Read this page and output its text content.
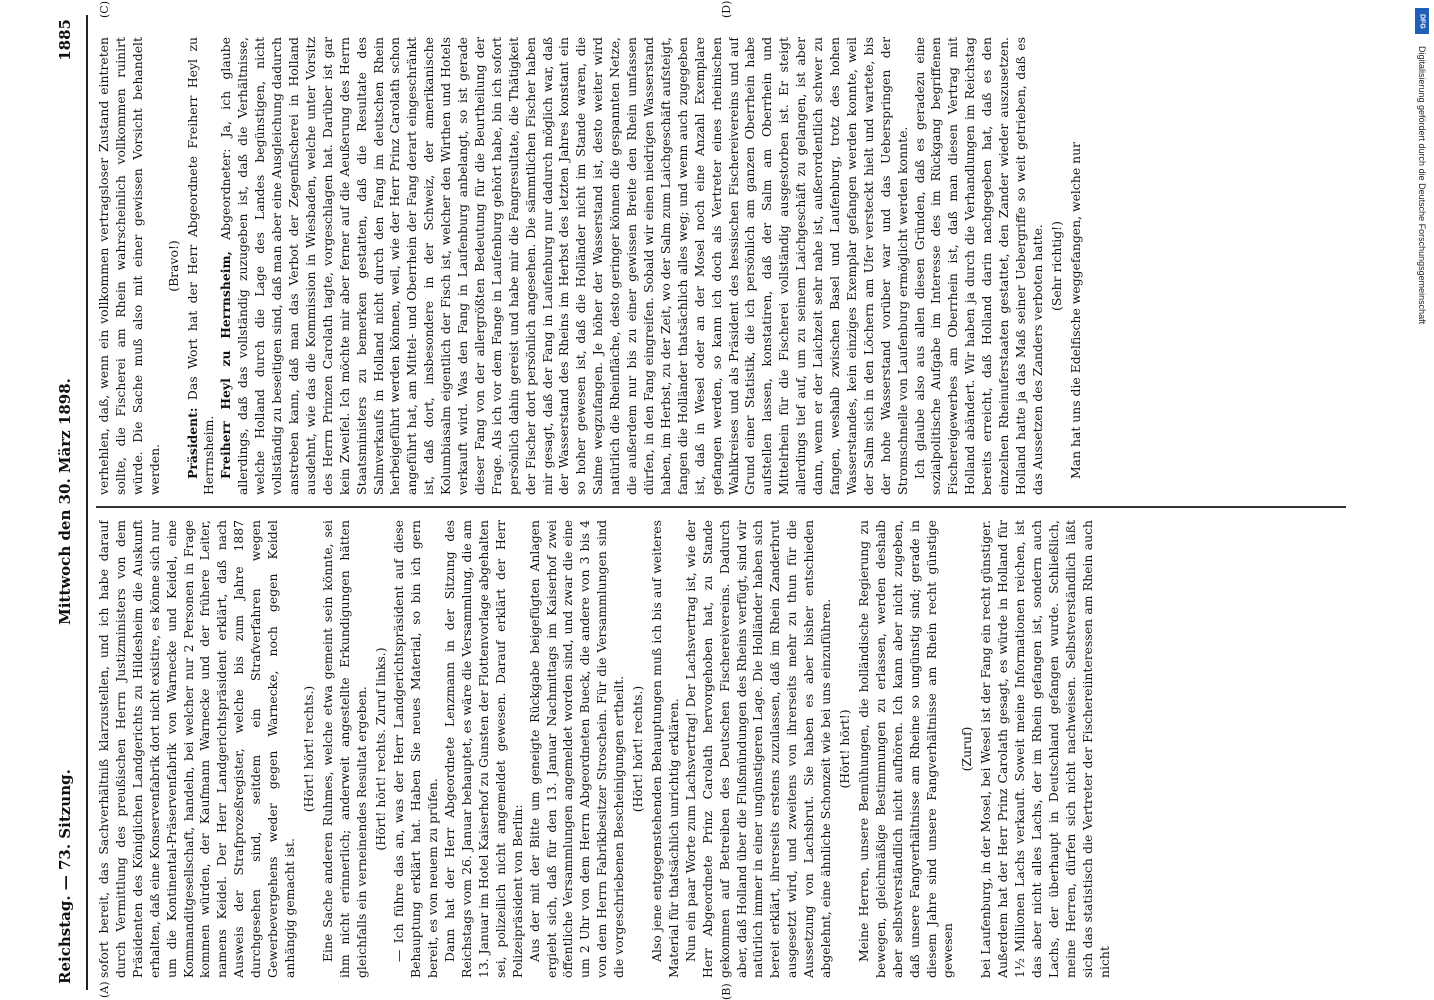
Reichstag. — 73. Sitzung.
Mittwoch den 30. März 1898.
1885
(A)	(B)
(C)	(D)

sofort bereit, das Sachverhältniß klarzustellen, und ich habe darauf durch Vermittlung des preußischen Herrn Justizministers von dem Präsidenten des Königlichen Landgerichts zu Hildesheim die Auskunft erhalten, daß eine Konservenfabrik dort nicht existire, es könne sich nur um die Kontinental-Präservenfabrik von Warnecke und Keidel, eine Kommanditgesellschaft, handeln, bei welcher nur 2 Personen in Frage kommen würden, der Kaufmann Warnecke und der frühere Leiter, namens Keidel. Der Herr Landgerichtspräsident erklärt, daß nach Ausweis der Strafprozeßregister, welche bis zum Jahre 1887 durchgesehen sind, seitdem ein Strafverfahren wegen Gewerbevergehens weder gegen Warnecke, noch gegen Keidel anhängig gemacht ist.

(Hört! hört! rechts.) Eine Sache anderen Ruhmes, welche etwa gemeint sein könnte, sei ihm nicht erinnerlich; anderweit angestellte Erkundigungen hätten gleichfalls ein verneinendes Resultat ergeben. (Hört! hört! rechts. Zuruf links.) — Ich führe das an, was der Herr Landgerichtspräsident auf diese Behauptung erklärt hat. Haben Sie neues Material, so bin ich gern bereit, es von neuem zu prüfen. Dann hat der Herr Abgeordnete Lenzmann in der Sitzung des Reichstags vom 26. Januar behauptet, es wäre die Versammlung, die am 13. Januar im Hotel Kaiserhof zu Gunsten der Flottenvorlage abgehalten sei, polizeilich nicht angemeldet gewesen. Darauf erklärt der Herr Polizeipräsident von Berlin: Aus der mit der Bitte um geneigte Rückgabe beigefügten Anlagen ergiebt sich, daß für den 13. Januar Nachmittags im Kaiserhof zwei öffentliche Versammlungen angemeldet worden sind, und zwar die eine um 2 Uhr von dem Herrn Abgeordneten Bueck, die andere von 3 bis 4 von dem Herrn Fabrikbesitzer Stroschein. Für die Versammlungen sind die vorgeschriebenen Bescheinigungen ertheilt. (Hört! hört! rechts.) Also jene entgegenstehenden Behauptungen muß ich bis auf weiteres Material für thatsächlich unrichtig erklären. Nun ein paar Worte zum Lachsvertrag! Der Lachsvertrag ist, wie der Herr Abgeordnete Prinz Carolath hervorgehoben hat, zu Stande gekommen auf Betreiben des Deutschen Fischereivereins. Dadurch aber, daß Holland über die Flußmündungen des Rheins verfügt, sind wir natürlich immer in einer ungünstigeren Lage. Die Holländer haben sich bereit erklärt, ihrerseits erstens zuzulassen, daß im Rhein Zanderbrut ausgesetzt wird, und zweitens von ihrerseits mehr zu thun für die Aussetzung von Lachsbrut. Sie haben es aber bisher entschieden abgelehnt, eine ähnliche Schonzeit wie bei uns einzuführen. (Hört! hört!) Meine Herren, unsere Bemühungen, die holländische Regierung zu bewegen, gleichmäßige Bestimmungen zu erlassen, werden deshalb aber selbstverständlich nicht aufhören. Ich kann aber nicht zugeben, daß unsere Fangverhältnisse am Rheine so ungünstig sind; gerade in diesem Jahre sind unsere Fangverhältnisse am Rhein recht günstige gewesen

(Zuruf) bei Laufenburg, in der Mosel, bei Wesel ist der Fang ein recht günstiger. Außerdem hat der Herr Prinz Carolath gesagt, es würde in Holland für 1½ Millionen Lachs verkauft. Soweit meine Informationen reichen, ist das aber nicht alles Lachs, der im Rhein gefangen ist, sondern auch Lachs, der überhaupt in Deutschland gefangen wurde. Schließlich, meine Herren, dürfen sich nicht nachweisen. Selbstverständlich läßt sich das statistisch die Vertreter der Fischereiinteressen am Rhein auch nicht

verhehlen, daß, wenn ein vollkommen vertragsloser Zustand eintreten sollte, die Fischerei am Rhein wahrscheinlich vollkommen ruinirt würde. Die Sache muß also mit einer gewissen Vorsicht behandelt werden.

(Bravo!)

Präsident: Das Wort hat der Herr Abgeordnete Freiherr Heyl zu Herrnsheim. Freiherr Heyl zu Herrnsheim, Abgeordneter: Ja, ich glaube allerdings, daß das vollständig zuzugeben ist, daß die Verhältnisse, welche Holland durch die Lage des Landes begünstigen, nicht vollständig zu beseitigen sind, daß man aber eine Ausgleichung dadurch anstreben kann, daß man das Verbot der Zegenfischerei in Holland ausdehnt, wie das die Kommission in Wiesbaden, welche unter Vorsitz des Herrn Prinzen Carolath tagte, vorgeschlagen hat. Darüber ist gar kein Zweifel. Ich möchte mir aber ferner auf die Aeußerung des Herrn Staatsministers zu bemerken gestatten, daß die Resultate des Salmverkaufs in Holland nicht durch den Fang im deutschen Rhein herbeigeführt werden können, weil, wie der Herr Prinz Carolath schon angeführt hat, am Mittel- und Oberrhein der Fang derart eingeschränkt ist, daß dort, insbesondere in der Schweiz, der amerikanische Kolumbiasalm eigentlich der Fisch ist, welcher den Wirthen und Hotels verkauft wird. Was den Fang in Laufenburg anbelangt, so ist gerade dieser Fang von der allergrößten Bedeutung für die Beurtheilung der Frage. Als ich vor dem Fange in Laufenburg gehört habe, bin ich sofort persönlich dahin gereist und habe mir die Fangresultate, die Thätigkeit der Fischer dort persönlich angesehen. Die sämmtlichen Fischer haben mir gesagt, daß der Fang in Laufenburg nur dadurch möglich war, daß der Wasserstand des Rheins im Herbst des letzten Jahres konstant ein so hoher gewesen ist, daß die Holländer nicht im Stande waren, die Salme wegzufangen. Je höher der Wasserstand ist, desto weiter wird natürlich die Rheinfläche, desto geringer können die gespannten Netze, die außerdem nur bis zu einer gewissen Breite den Rhein umfassen dürfen, in den Fang eingreifen. Sobald wir einen niedrigen Wasserstand haben, im Herbst, zu der Zeit, wo der Salm zum Laichgeschäft aufsteigt, fangen die Holländer thatsächlich alles weg; und wenn auch zugegeben ist, daß in Wesel oder an der Mosel noch eine Anzahl Exemplare gefangen werden, so kann ich doch als Vertreter eines rheinischen Wahlkreises und als Präsident des hessischen Fischereivereins und auf Grund einer Statistik, die ich persönlich am ganzen Oberrhein habe aufstellen lassen, konstatiren, daß der Salm am Oberrhein und Mittelrhein für die Fischerei vollständig ausgestorben ist. Er steigt allerdings tief auf, um zu seinem Laichgeschäft zu gelangen, ist aber dann, wenn er der Laichzeit sehr nahe ist, außerordentlich schwer zu fangen, weshalb zwischen Basel und Laufenburg, trotz des hohen Wasserstandes, kein einziges Exemplar gefangen werden konnte, weil der Salm sich in den Löchern am Ufer versteckt hielt und wartete, bis der hohe Wasserstand vorüber war und das Ueberspringen der Stromschnelle von Laufenburg ermöglicht werden konnte. Ich glaube also aus allen diesen Gründen, daß es geradezu eine sozialpolitische Aufgabe im Interesse des im Rückgang begriffenen Fischereigewerbes am Oberrhein ist, daß man diesen Vertrag mit Holland abändert. Wir haben ja durch die Verhandlungen im Reichstag bereits erreicht, daß Holland darin nachgegeben hat, daß es den einzelnen Rheinuferstaaten gestattet, den Zander wieder auszusetzen. Holland hatte ja das Maß seiner Uebergriffe so weit getrieben, daß es das Aussetzen des Zanders verboten hatte. (Sehr richtig!) Man hat uns die Edelfische weggefangen, welche nur

DFG
Digitalisierung gefördert durch die Deutsche Forschungsgemeinschaft
